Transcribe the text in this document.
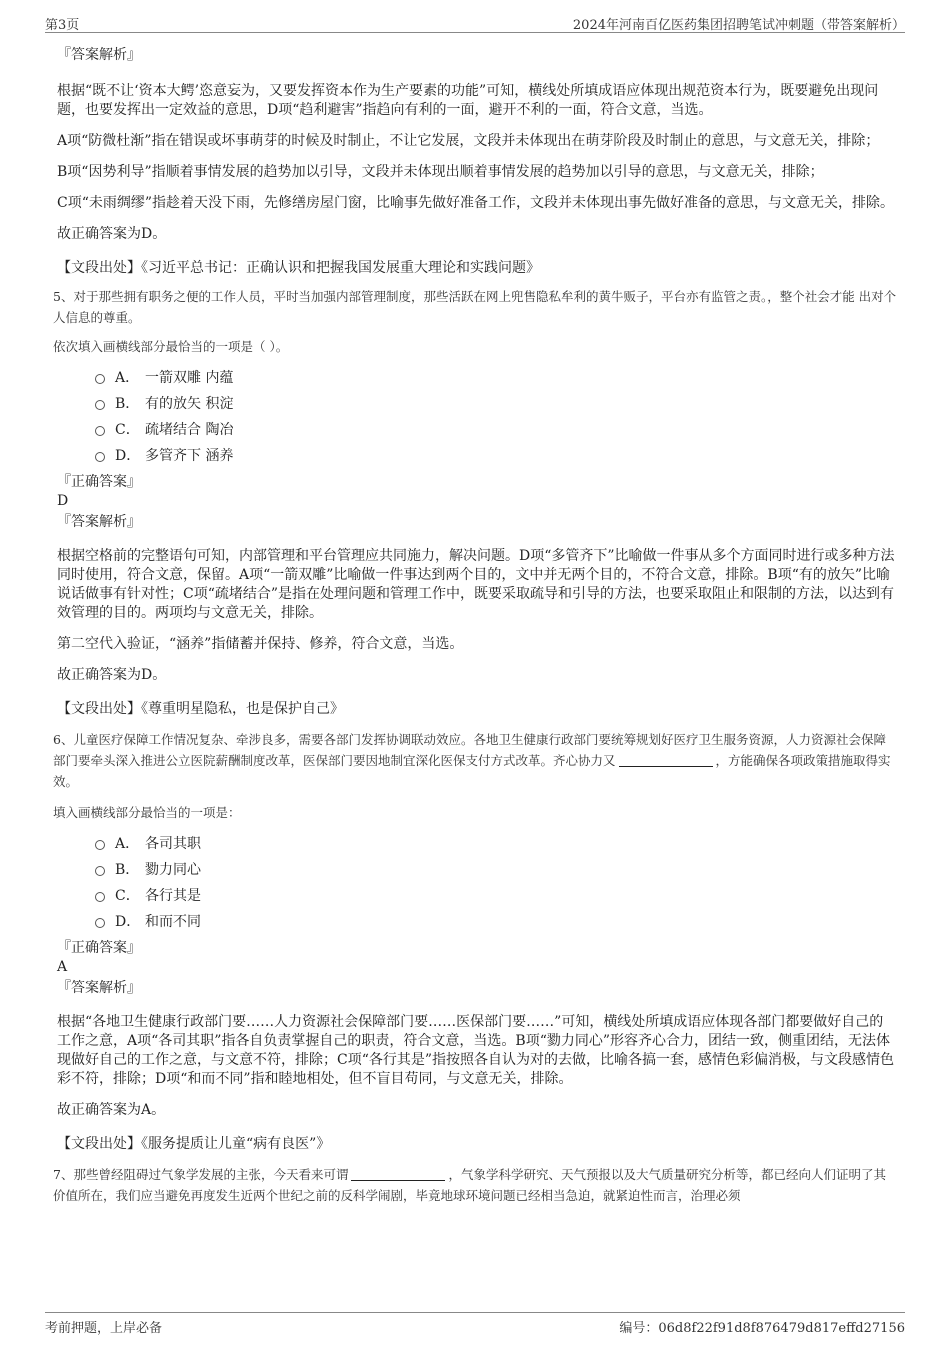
第3页	2024年河南百亿医药集团招聘笔试冲刺题（带答案解析）
『答案解析』

根据“既不让‘资本大鳄’恣意妄为，又要发挥资本作为生产要素的功能”可知，横线处所填成语应体现出规范资本行为，既要避免出现问题，也要发挥出一定效益的意思，D项“趋利避害”指趋向有利的一面，避开不利的一面，符合文意，当选。

A项“防微杜渐”指在错误或坏事萌芽的时候及时制止，不让它发展，文段并未体现出在萌芽阶段及时制止的意思，与文意无关，排除；

B项“因势利导”指顺着事情发展的趋势加以引导，文段并未体现出顺着事情发展的趋势加以引导的意思，与文意无关，排除；

C项“未雨绸缪”指趁着天没下雨，先修缮房屋门窗，比喻事先做好准备工作，文段并未体现出事先做好准备的意思，与文意无关，排除。

故正确答案为D。

【文段出处】《习近平总书记：正确认识和把握我国发展重大理论和实践问题》

5、对于那些拥有职务之便的工作人员，平时当加强内部管理制度，那些活跃在网上兜售隐私牟利的黄牛贩子，平台亦有监管之责。，整个社会才能 出对个人信息的尊重。

依次填入画横线部分最恰当的一项是（ ）。

A． 一箭双雕 内蕴
B． 有的放矢 积淀
C． 疏堵结合 陶冶
D． 多管齐下 涵养
『正确答案』
D
『答案解析』

根据空格前的完整语句可知，内部管理和平台管理应共同施力，解决问题。D项“多管齐下”比喻做一件事从多个方面同时进行或多种方法同时使用，符合文意，保留。A项“一箭双雕”比喻做一件事达到两个目的，文中并无两个目的，不符合文意，排除。B项“有的放矢”比喻说话做事有针对性；C项“疏堵结合”是指在处理问题和管理工作中，既要采取疏导和引导的方法，也要采取阻止和限制的方法，以达到有效管理的目的。两项均与文意无关，排除。

第二空代入验证，“涵养”指储蓄并保持、修养，符合文意，当选。

故正确答案为D。

【文段出处】《尊重明星隐私，也是保护自己》

6、儿童医疗保障工作情况复杂、牵涉良多，需要各部门发挥协调联动效应。各地卫生健康行政部门要统筹规划好医疗卫生服务资源，人力资源社会保障部门要牵头深入推进公立医院薪酬制度改革，医保部门要因地制宜深化医保支付方式改革。齐心协力又	，方能确保各项政策措施取得实效。

填入画横线部分最恰当的一项是：

A． 各司其职
B． 勠力同心
C． 各行其是
D． 和而不同
『正确答案』
A
『答案解析』

根据“各地卫生健康行政部门要……人力资源社会保障部门要……医保部门要……”可知，横线处所填成语应体现各部门都要做好自己的工作之意，A项“各司其职”指各自负责掌握自己的职责，符合文意，当选。B项“勠力同心”形容齐心合力，团结一致，侧重团结，无法体现做好自己的工作之意，与文意不符，排除；C项“各行其是”指按照各自认为对的去做，比喻各搞一套，感情色彩偏消极，与文段感情色彩不符，排除；D项“和而不同”指和睦地相处，但不盲目苟同，与文意无关，排除。

故正确答案为A。

【文段出处】《服务提质让儿童“病有良医”》

7、那些曾经阻碍过气象学发展的主张，今天看来可谓	，气象学科学研究、天气预报以及大气质量研究分析等，都已经向人们证明了其价值所在，我们应当避免再度发生近两个世纪之前的反科学闹剧，毕竟地球环境问题已经相当急迫，就紧迫性而言，治理必须

考前押题，上岸必备	编号：06d8f22f91d8f876479d817effd27156
